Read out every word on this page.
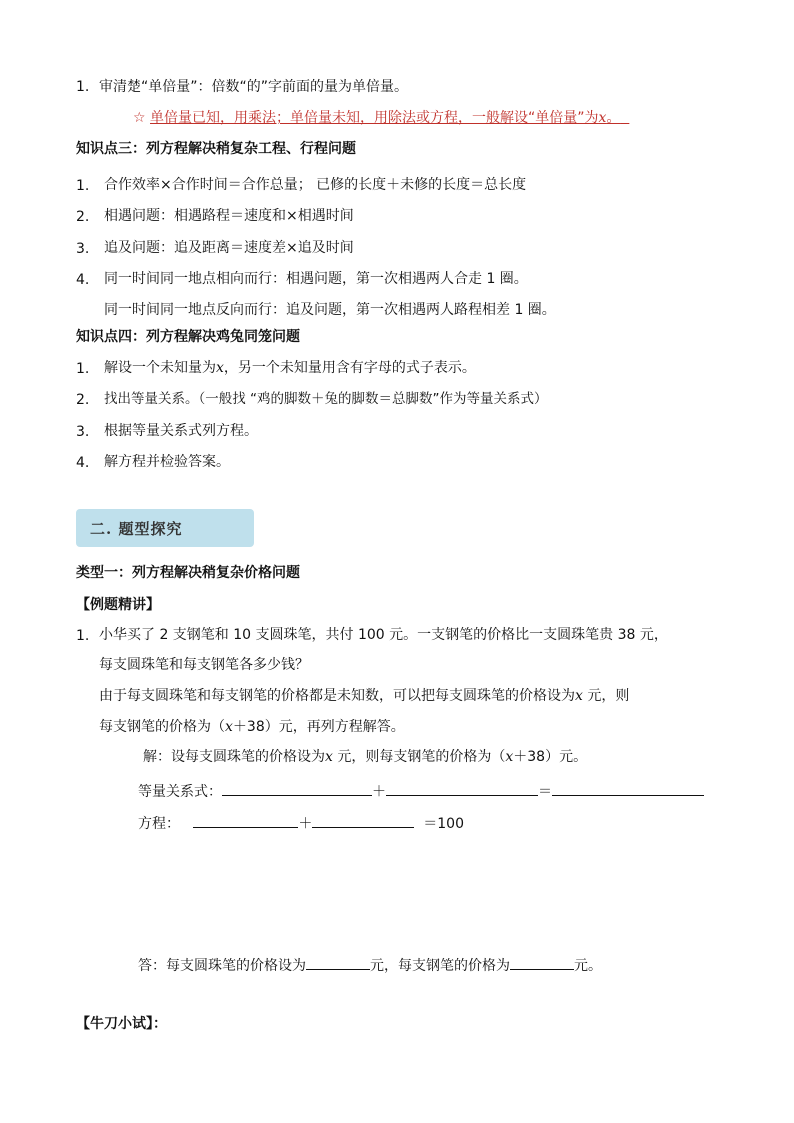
1. 审清楚“单倍量”：倍数“的”字前面的量为单倍量。
☆ 单倍量已知，用乘法；单倍量未知，用除法或方程，一般解设“单倍量”为x。
知识点三：列方程解决稍复杂工程、行程问题
1. 合作效率×合作时间＝合作总量； 已修的长度＋未修的长度＝总长度
2. 相遇问题：相遇路程＝速度和×相遇时间
3. 追及问题：追及距离＝速度差×追及时间
4. 同一时间同一地点相向而行：相遇问题，第一次相遇两人合走 1 圈。
同一时间同一地点反向而行：追及问题，第一次相遇两人路程相差 1 圈。
知识点四：列方程解决鸡兔同笼问题
1. 解设一个未知量为x，另一个未知量用含有字母的式子表示。
2. 找出等量关系。（一般找 “鸡的脚数＋兔的脚数＝总脚数”作为等量关系式）
3. 根据等量关系式列方程。
4. 解方程并检验答案。
二. 题型探究
类型一：列方程解决稍复杂价格问题
【例题精讲】
1. 小华买了 2 支钢笔和 10 支圆珠笔，共付 100 元。一支钢笔的价格比一支圆珠笔贵 38 元，
每支圆珠笔和每支钢笔各多少钱？
由于每支圆珠笔和每支钢笔的价格都是未知数，可以把每支圆珠笔的价格设为x 元，则
每支钢笔的价格为（x＋38）元，再列方程解答。
解：设每支圆珠笔的价格设为x 元，则每支钢笔的价格为（x＋38）元。
等量关系式：	＋	＝
方程：	＋	＝100
答：每支圆珠笔的价格设为	元，每支钢笔的价格为	元。
【牛刀小试】：
